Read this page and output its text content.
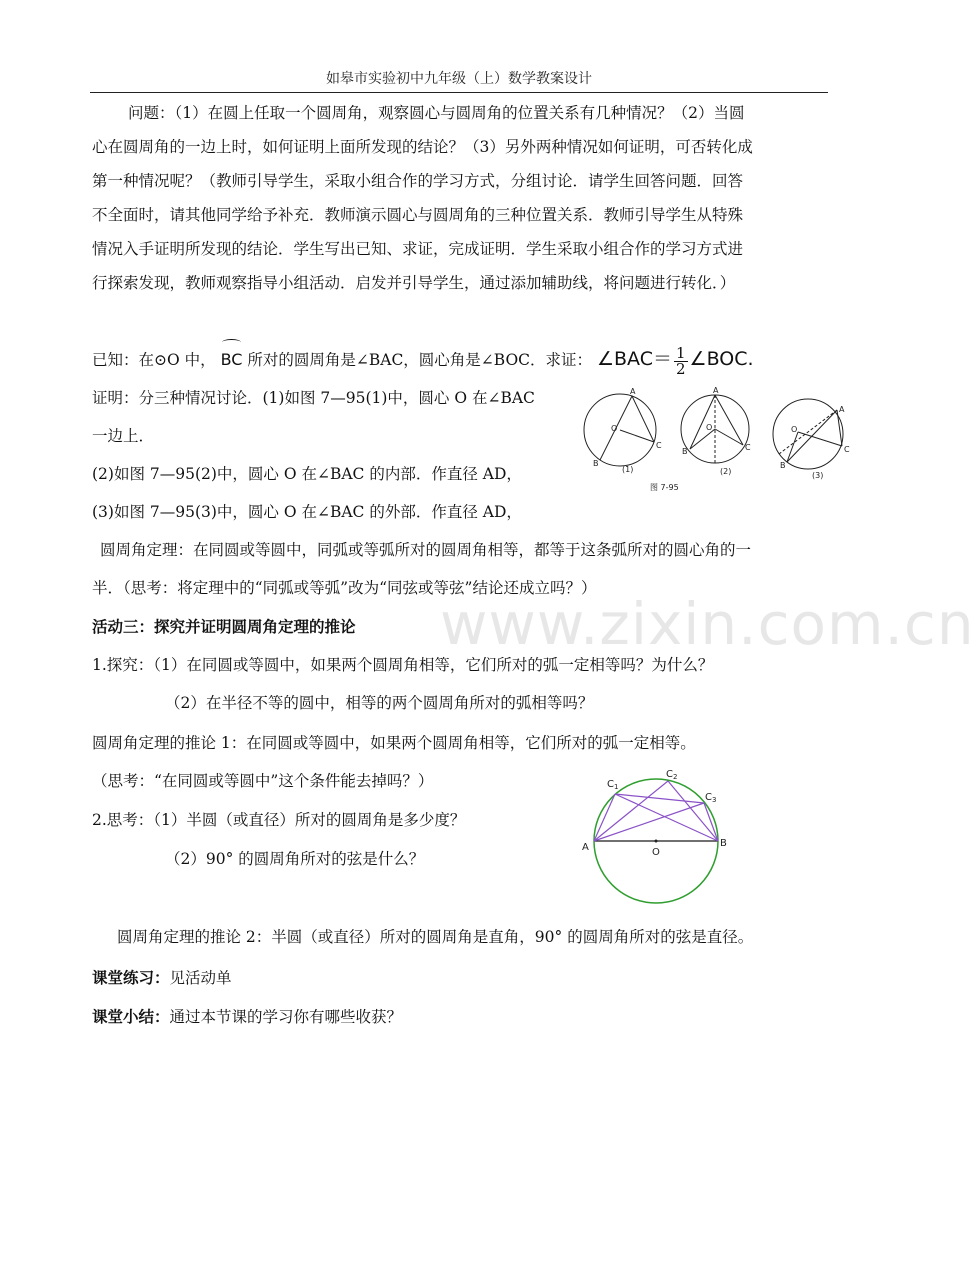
如皋市实验初中九年级（上）数学教案设计
www.zixin.com.cn
问题：（1）在圆上任取一个圆周角，观察圆心与圆周角的位置关系有几种情况？（2）当圆
心在圆周角的一边上时，如何证明上面所发现的结论？（3）另外两种情况如何证明，可否转化成
第一种情况呢？（教师引导学生，采取小组合作的学习方式，分组讨论．请学生回答问题．回答
不全面时，请其他同学给予补充．教师演示圆心与圆周角的三种位置关系．教师引导学生从特殊
情况入手证明所发现的结论．学生写出已知、求证，完成证明．学生采取小组合作的学习方式进
行探索发现，教师观察指导小组活动．启发并引导学生，通过添加辅助线，将问题进行转化．）
已知：在⊙O 中， BC 所对的圆周角是∠BAC，圆心角是∠BOC．求证： ∠BAC＝ $\frac{1}{2}$ ∠BOC.
证明：分三种情况讨论．(1)如图 7—95(1)中，圆心 O 在∠BAC
一边上．
(2)如图 7—95(2)中，圆心 O 在∠BAC 的内部．作直径 AD，
(3)如图 7—95(3)中，圆心 O 在∠BAC 的外部．作直径 AD，
A
O
B
C
(1)
A
O
B	C
(2)
A
O
B
C
(3)
图 7-95
圆周角定理：在同圆或等圆中，同弧或等弧所对的圆周角相等，都等于这条弧所对的圆心角的一
半．（思考：将定理中的“同弧或等弧”改为“同弦或等弦”结论还成立吗？）
活动三：探究并证明圆周角定理的推论
1.探究：（1）在同圆或等圆中，如果两个圆周角相等，它们所对的弧一定相等吗？为什么？
（2）在半径不等的圆中，相等的两个圆周角所对的弧相等吗？
圆周角定理的推论 1：在同圆或等圆中，如果两个圆周角相等，它们所对的弧一定相等。
（思考：“在同圆或等圆中”这个条件能去掉吗？）
2.思考：（1）半圆（或直径）所对的圆周角是多少度？
（2）90° 的圆周角所对的弦是什么？
A	B
O
$C_1$
$C_2$
$C_3$
圆周角定理的推论 2：半圆（或直径）所对的圆周角是直角，90° 的圆周角所对的弦是直径。
课堂练习：见活动单
课堂小结：通过本节课的学习你有哪些收获？
